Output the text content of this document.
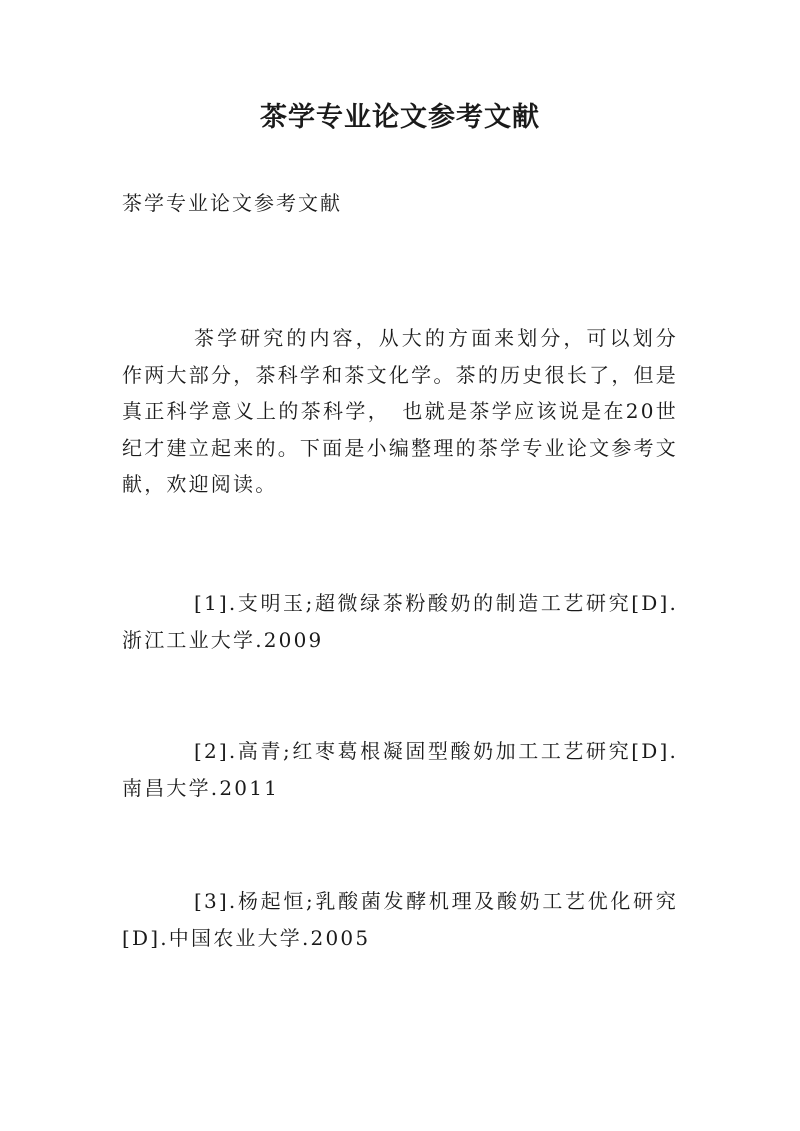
茶学专业论文参考文献
茶学专业论文参考文献

茶学研究的内容，从大的方面来划分，可以划分作两大部分，茶科学和茶文化学。茶的历史很长了，但是真正科学意义上的茶科学，　也就是茶学应该说是在20世纪才建立起来的。下面是小编整理的茶学专业论文参考文献，欢迎阅读。

[1].支明玉;超微绿茶粉酸奶的制造工艺研究[D].浙江工业大学.2009

[2].高青;红枣葛根凝固型酸奶加工工艺研究[D].南昌大学.2011

[3].杨起恒;乳酸菌发酵机理及酸奶工艺优化研究[D].中国农业大学.2005
